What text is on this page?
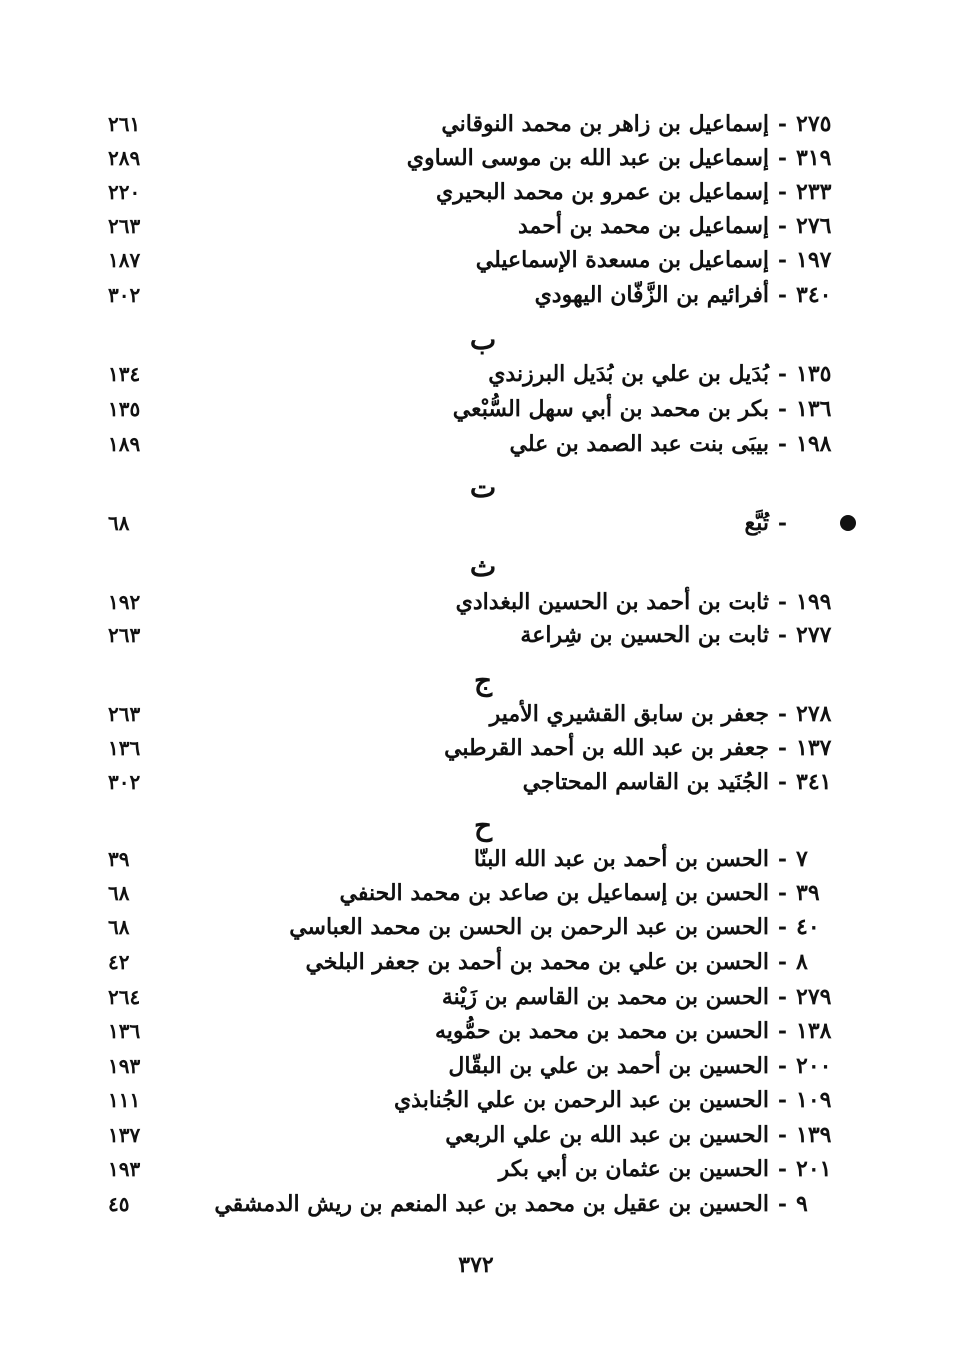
٣٧٢
٢٧٥
-
إسماعيل بن زاهر بن محمد النوقاني
٢٦١
٣١٩
-
إسماعيل بن عبد الله بن موسى الساوي
٢٨٩
٢٣٣
-
إسماعيل بن عمرو بن محمد البحيري
٢٢٠
٢٧٦
-
إسماعيل بن محمد بن أحمد
٢٦٣
١٩٧
-
إسماعيل بن مسعدة الإسماعيلي
١٨٧
٣٤٠
-
أفرائيم بن الزَّفّان اليهودي
٣٠٢
ب
١٣٥
-
بُدَيل بن علي بن بُدَيل البرزندي
١٣٤
١٣٦
-
بكر بن محمد بن أبي سهل السُّبْعي
١٣٥
١٩٨
-
بيبَى بنت عبد الصمد بن علي
١٨٩
ت
-
تُبَّع
٦٨
ث
١٩٩
-
ثابت بن أحمد بن الحسين البغدادي
١٩٢
٢٧٧
-
ثابت بن الحسين بن شِراعة
٢٦٣
ج
٢٧٨
-
جعفر بن سابق القشيري الأمير
٢٦٣
١٣٧
-
جعفر بن عبد الله بن أحمد القرطبي
١٣٦
٣٤١
-
الجُنَيد بن القاسم المحتاجي
٣٠٢
ح
٧
-
الحسن بن أحمد بن عبد الله البنّا
٣٩
٣٩
-
الحسن بن إسماعيل بن صاعد بن محمد الحنفي
٦٨
٤٠
-
الحسن بن عبد الرحمن بن الحسن بن محمد العباسي
٦٨
٨
-
الحسن بن علي بن محمد بن أحمد بن جعفر البلخي
٤٢
٢٧٩
-
الحسن بن محمد بن القاسم بن زَيْنة
٢٦٤
١٣٨
-
الحسن بن محمد بن محمد بن حمُّويه
١٣٦
٢٠٠
-
الحسين بن أحمد بن علي بن البقّال
١٩٣
١٠٩
-
الحسين بن عبد الرحمن بن علي الجُنابذي
١١١
١٣٩
-
الحسين بن عبد الله بن علي الربعي
١٣٧
٢٠١
-
الحسين بن عثمان بن أبي بكر
١٩٣
٩
-
الحسين بن عقيل بن محمد بن عبد المنعم بن ريش الدمشقي
٤٥
